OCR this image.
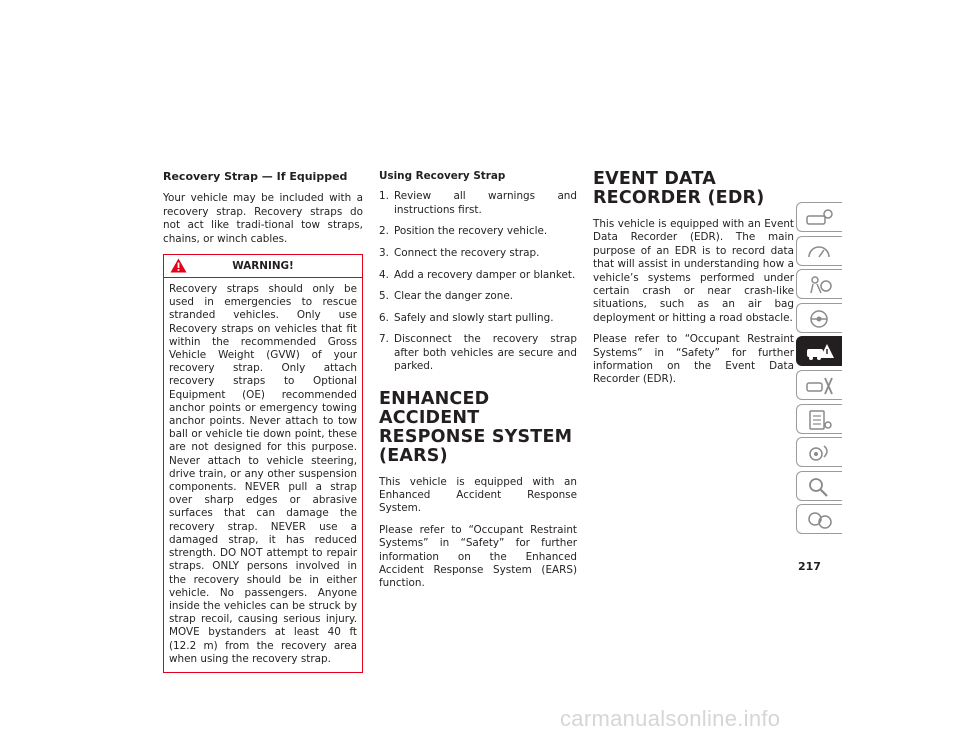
Recovery Strap — If Equipped

Your vehicle may be included with a recovery strap. Recovery straps do not act like tradi-tional tow straps, chains, or winch cables.

WARNING!

Recovery straps should only be used in emergencies to rescue stranded vehicles. Only use Recovery straps on vehicles that fit within the recommended Gross Vehicle Weight (GVW) of your recovery strap. Only attach recovery straps to Optional Equipment (OE) recommended anchor points or emergency towing anchor points. Never attach to tow ball or vehicle tie down point, these are not designed for this purpose. Never attach to vehicle steering, drive train, or any other suspension components. NEVER pull a strap over sharp edges or abrasive surfaces that can damage the recovery strap. NEVER use a damaged strap, it has reduced strength. DO NOT attempt to repair straps. ONLY persons involved in the recovery should be in either vehicle. No passengers. Anyone inside the vehicles can be struck by strap recoil, causing serious injury. MOVE bystanders at least 40 ft (12.2 m) from the recovery area when using the recovery strap.

Using Recovery Strap
1. Review all warnings and instructions first.
2. Position the recovery vehicle.
3. Connect the recovery strap.
4. Add a recovery damper or blanket.
5. Clear the danger zone.
6. Safely and slowly start pulling.
7. Disconnect the recovery strap after both vehicles are secure and parked.
ENHANCED ACCIDENT RESPONSE SYSTEM (EARS)

This vehicle is equipped with an Enhanced Accident Response System.

Please refer to “Occupant Restraint Systems” in “Safety” for further information on the Enhanced Accident Response System (EARS) function.

EVENT DATA RECORDER (EDR)

This vehicle is equipped with an Event Data Recorder (EDR). The main purpose of an EDR is to record data that will assist in understanding how a vehicle’s systems performed under certain crash or near crash-like situations, such as an air bag deployment or hitting a road obstacle.

Please refer to “Occupant Restraint Systems” in “Safety” for further information on the Event Data Recorder (EDR).

217
carmanualsonline.info
